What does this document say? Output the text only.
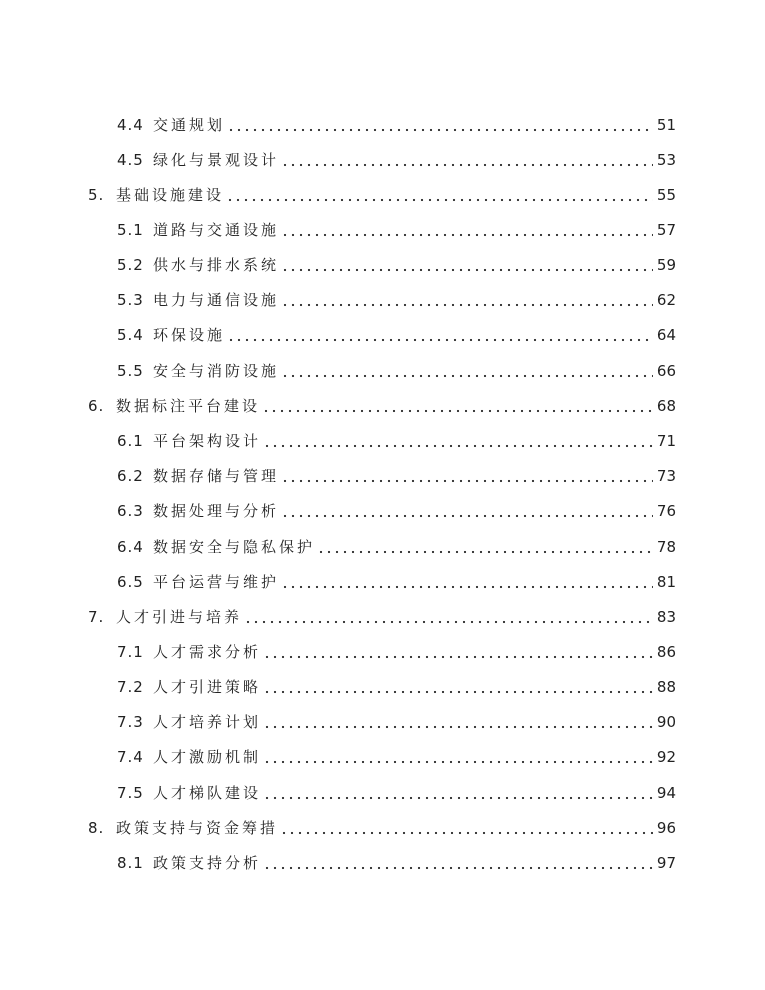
4.4 交通规划	51
4.5 绿化与景观设计	53
5. 基础设施建设	55
5.1 道路与交通设施	57
5.2 供水与排水系统	59
5.3 电力与通信设施	62
5.4 环保设施	64
5.5 安全与消防设施	66
6. 数据标注平台建设	68
6.1 平台架构设计	71
6.2 数据存储与管理	73
6.3 数据处理与分析	76
6.4 数据安全与隐私保护	78
6.5 平台运营与维护	81
7. 人才引进与培养	83
7.1 人才需求分析	86
7.2 人才引进策略	88
7.3 人才培养计划	90
7.4 人才激励机制	92
7.5 人才梯队建设	94
8. 政策支持与资金筹措	96
8.1 政策支持分析	97
